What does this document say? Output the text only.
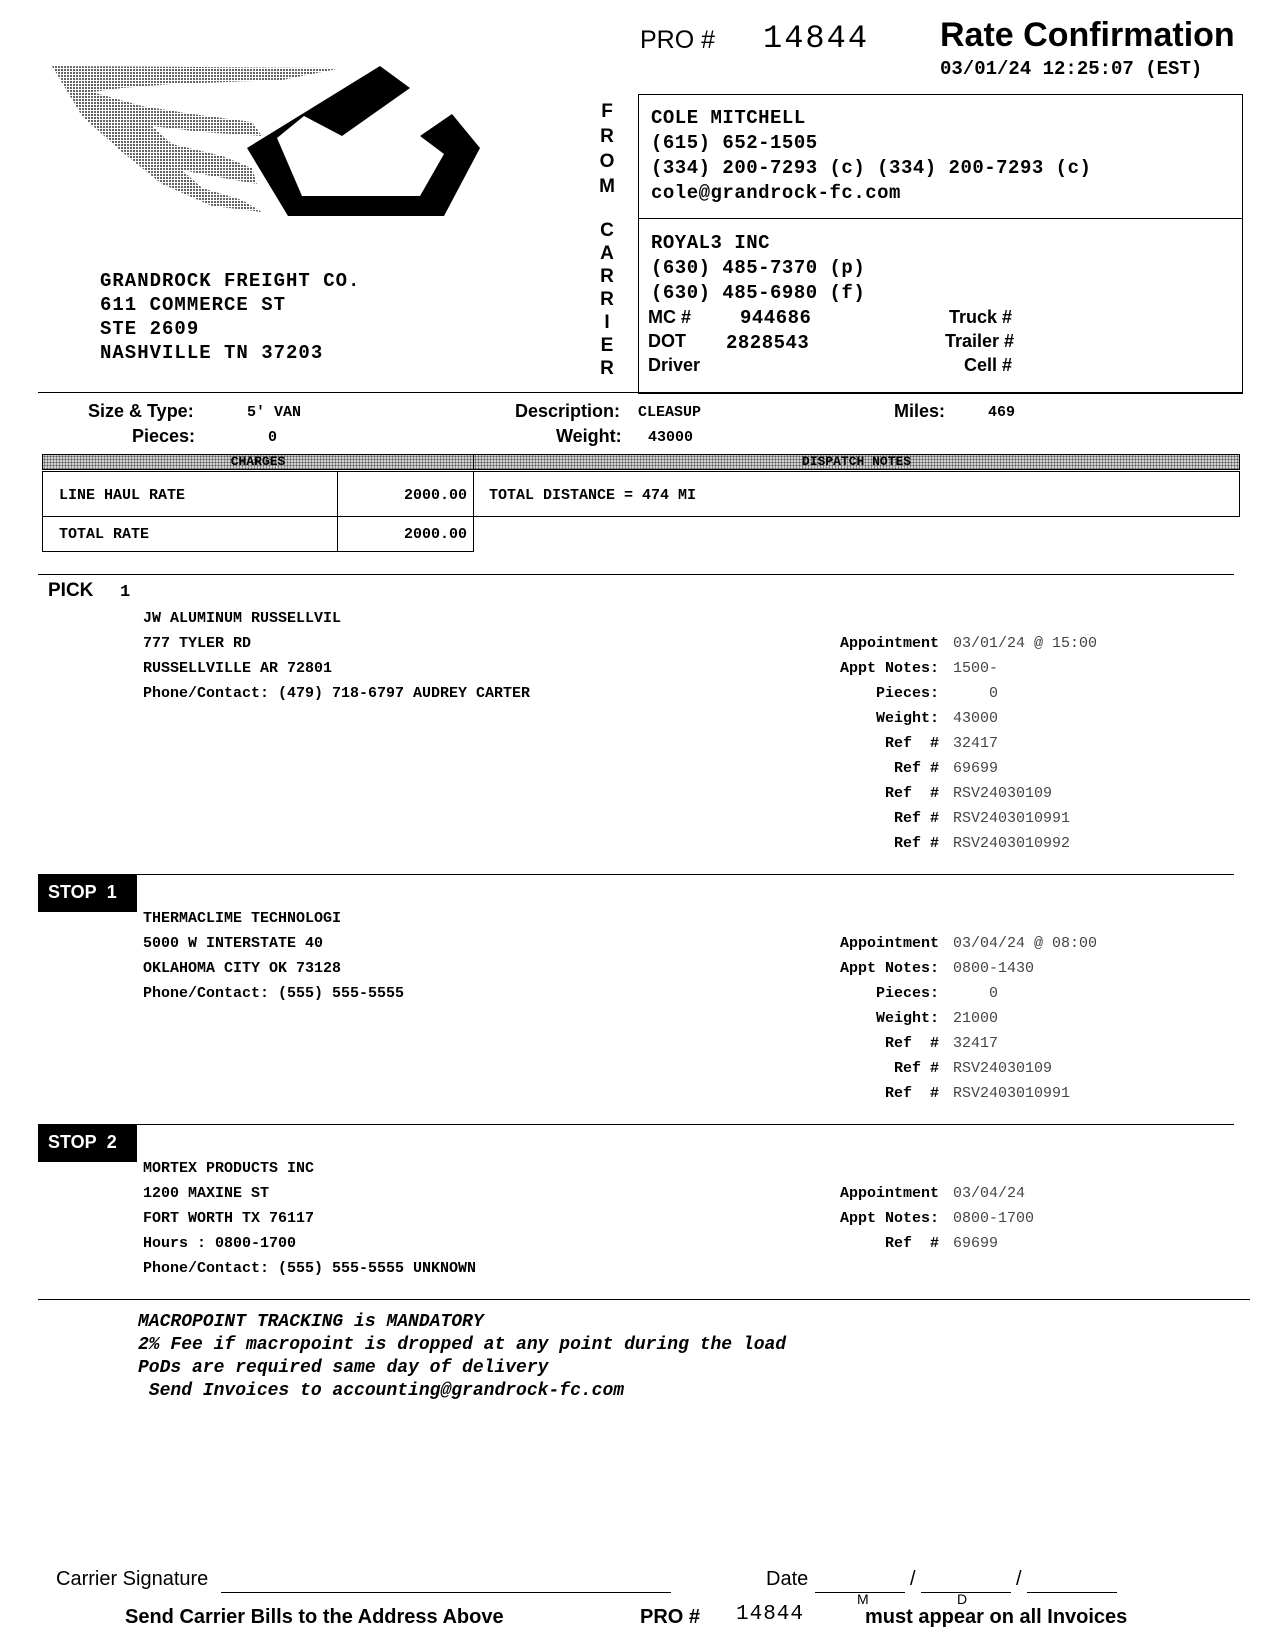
PRO # 14844 Rate Confirmation
03/01/24 12:25:07 (EST)
GRANDROCK FREIGHT CO.
611 COMMERCE ST
STE 2609
NASHVILLE TN 37203
F
R
O
M
C
A
R
R
I
E
R
COLE MITCHELL
(615) 652-1505
(334) 200-7293 (c) (334) 200-7293 (c)
cole@grandrock-fc.com
ROYAL3 INC
(630) 485-7370 (p)
(630) 485-6980 (f)
MC #	944686
DOT 2828543
Driver
Truck #
Trailer #
Cell #
Size & Type:	5' VAN
Pieces:	0
Description: CLEASUP
Weight: 43000
Miles:	469
CHARGES	DISPATCH NOTES
LINE HAUL RATE	2000.00
TOTAL RATE	2000.00
TOTAL DISTANCE = 474 MI
PICK 1
JW ALUMINUM RUSSELLVIL
777 TYLER RD
RUSSELLVILLE AR 72801
Phone/Contact: (479) 718-6797 AUDREY CARTER
Appointment 03/01/24 @ 15:00
Appt Notes: 1500-
Pieces: 0
Weight: 43000
Ref  # 32417
Ref # 69699
Ref  # RSV24030109
Ref # RSV2403010991
Ref # RSV2403010992
STOP 1
THERMACLIME TECHNOLOGI
5000 W INTERSTATE 40
OKLAHOMA CITY OK 73128
Phone/Contact: (555) 555-5555
Appointment 03/04/24 @ 08:00
Appt Notes: 0800-1430
Pieces: 0
Weight: 21000
Ref  # 32417
Ref # RSV24030109
Ref  # RSV2403010991
STOP 2
MORTEX PRODUCTS INC
1200 MAXINE ST
FORT WORTH TX 76117
Hours : 0800-1700
Phone/Contact: (555) 555-5555 UNKNOWN
Appointment 03/04/24
Appt Notes: 0800-1700
Ref  # 69699
MACROPOINT TRACKING is MANDATORY
2% Fee if macropoint is dropped at any point during the load
PoDs are required same day of delivery
Send Invoices to accounting@grandrock-fc.com
Carrier Signature	Date	/	/
M	D
Send Carrier Bills to the Address Above	PRO # 14844	must appear on all Invoices
